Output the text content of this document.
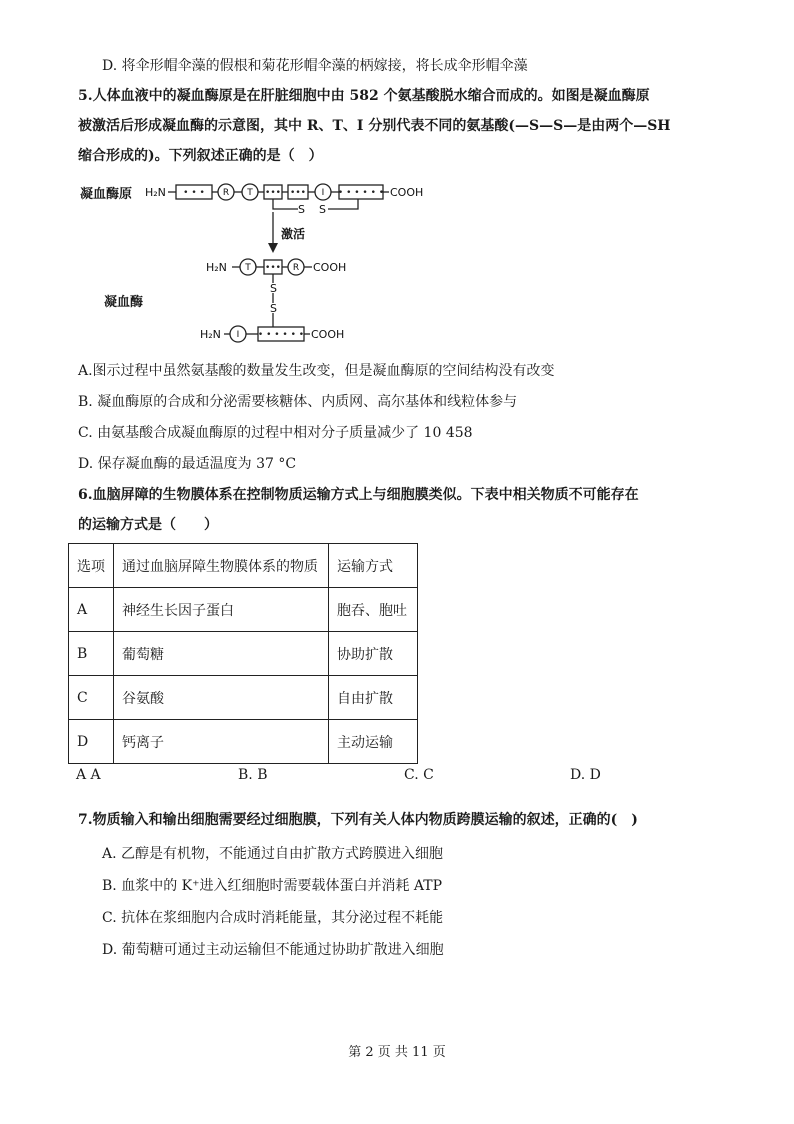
D. 将伞形帽伞藻的假根和菊花形帽伞藻的柄嫁接，将长成伞形帽伞藻
5.人体血液中的凝血酶原是在肝脏细胞中由 582 个氨基酸脱水缩合而成的。如图是凝血酶原
被激活后形成凝血酶的示意图，其中 R、T、I 分别代表不同的氨基酸(—S—S—是由两个—SH
缩合形成的)。下列叙述正确的是（　）
凝血酶原
凝血酶
• • •	••• •••	• • • • • •
•••
• • • • • •
H₂N	COOH
H₂N	COOH
H₂N	COOH
S S
S
S
R T	I
T	R
I
激活
A.图示过程中虽然氨基酸的数量发生改变，但是凝血酶原的空间结构没有改变
B. 凝血酶原的合成和分泌需要核糖体、内质网、高尔基体和线粒体参与
C. 由氨基酸合成凝血酶原的过程中相对分子质量减少了 10 458
D. 保存凝血酶的最适温度为 37 °C
6.血脑屏障的生物膜体系在控制物质运输方式上与细胞膜类似。下表中相关物质不可能存在
的运输方式是（　　）
选项	通过血脑屏障生物膜体系的物质	运输方式
A	神经生长因子蛋白	胞吞、胞吐
B	葡萄糖	协助扩散
C	谷氨酸	自由扩散
D	钙离子	主动运输
A A	B. B	C. C	D. D
7.物质输入和输出细胞需要经过细胞膜，下列有关人体内物质跨膜运输的叙述，正确的(　)
A. 乙醇是有机物，不能通过自由扩散方式跨膜进入细胞
B. 血浆中的 K⁺进入红细胞时需要载体蛋白并消耗 ATP
C. 抗体在浆细胞内合成时消耗能量，其分泌过程不耗能
D. 葡萄糖可通过主动运输但不能通过协助扩散进入细胞
第 2 页 共 11 页
